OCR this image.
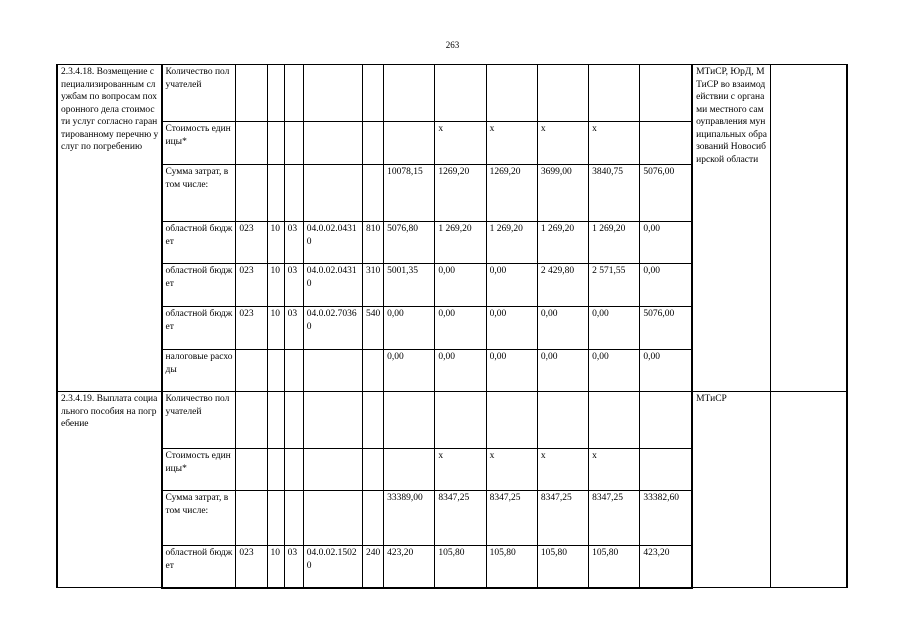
263
2.3.4.18. Возмещение специализированным службам по вопросам похоронного дела стоимости услуг согласно гарантированному перечню услуг по погребению	Количество получателей												МТиСР, ЮрД, МТиСР во взаимодействии с органами местного самоуправления муниципальных образований Новосибирской области	
	Стоимость единицы*							х	х	х	х			
	Сумма затрат, в том числе:						10078,15	1269,20	1269,20	3699,00	3840,75	5076,00		
	областной бюджет	023	10	03	04.0.02.04310	810	5076,80	1 269,20	1 269,20	1 269,20	1 269,20	0,00		
	областной бюджет	023	10	03	04.0.02.04310	310	5001,35	0,00	0,00	2 429,80	2 571,55	0,00		
	областной бюджет	023	10	03	04.0.02.70360	540	0,00	0,00	0,00	0,00	0,00	5076,00		
	налоговые расходы						0,00	0,00	0,00	0,00	0,00	0,00		
2.3.4.19. Выплата социального пособия на погребение	Количество получателей												МТиСР	
	Стоимость единицы*							х	х	х	х			
	Сумма затрат, в том числе:						33389,00	8347,25	8347,25	8347,25	8347,25	33382,60		
	областной бюджет	023	10	03	04.0.02.15020	240	423,20	105,80	105,80	105,80	105,80	423,20		
